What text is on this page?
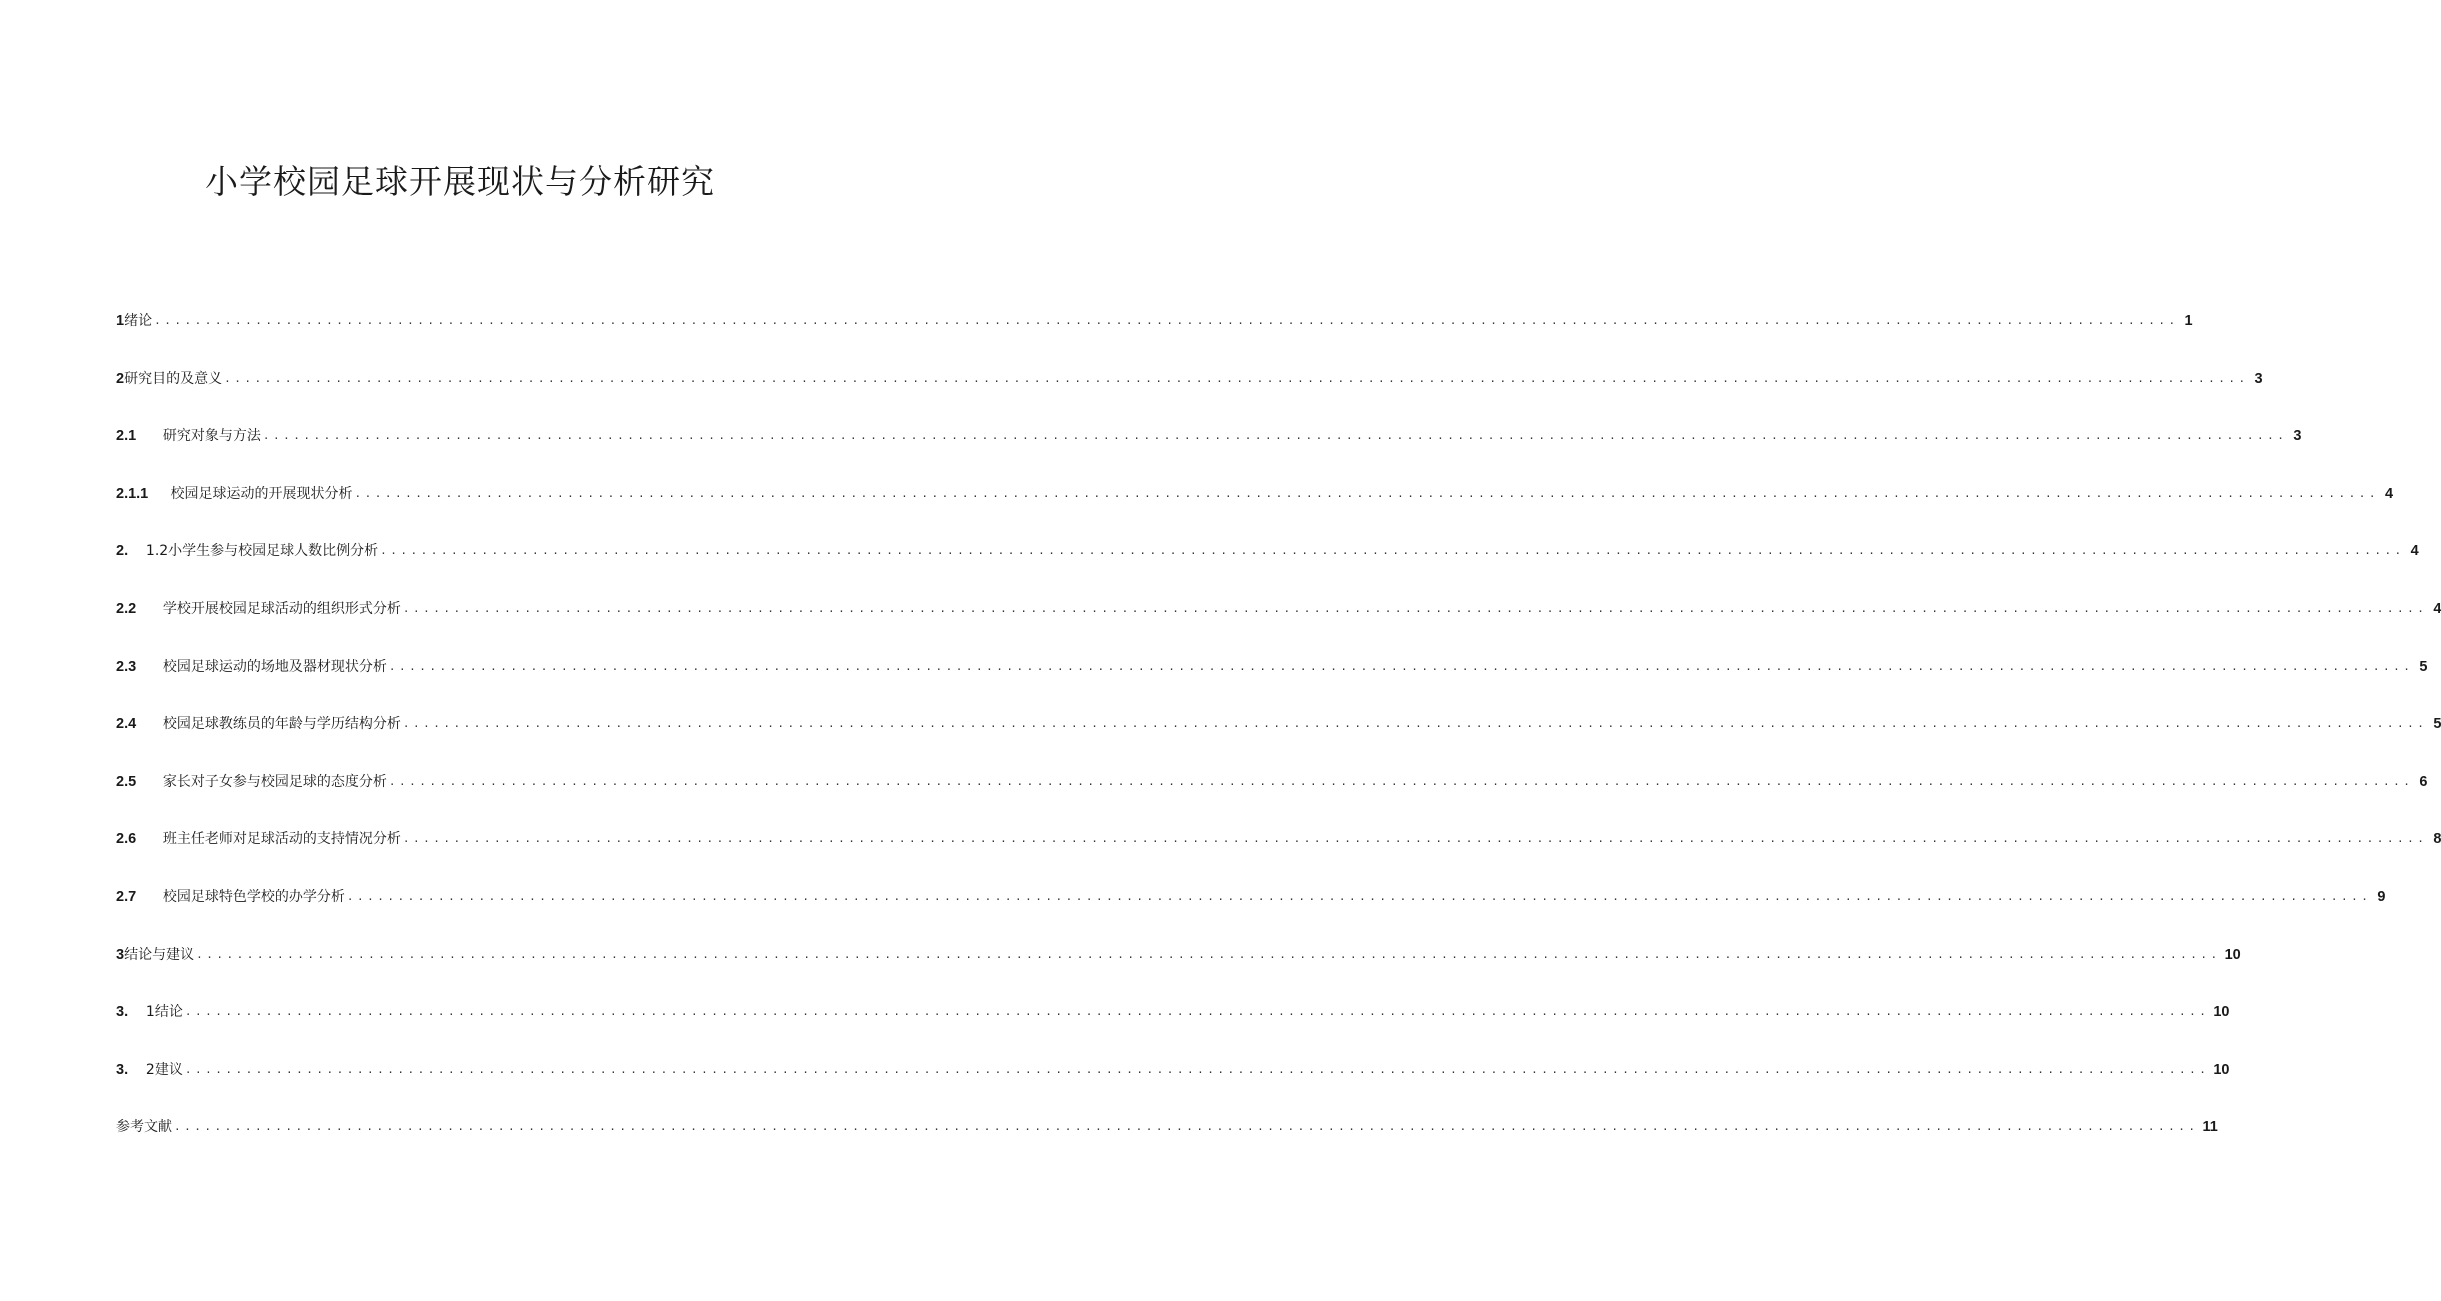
小学校园足球开展现状与分析研究
1 绪论 ........................................................................................................................................................................................................ 1
2 研究目的及意义 ........................................................................................................................................................................................................ 3
2.1
研究对象与方法 ........................................................................................................................................................................................................ 3
2.1.1
校园足球运动的开展现状分析 ........................................................................................................................................................................................................ 4
2.
1.2小学生参与校园足球人数比例分析 ........................................................................................................................................................................................................ 4
2.2
学校开展校园足球活动的组织形式分析 ........................................................................................................................................................................................................ 4
2.3
校园足球运动的场地及器材现状分析 ........................................................................................................................................................................................................ 5
2.4
校园足球教练员的年龄与学历结构分析 ........................................................................................................................................................................................................ 5
2.5
家长对子女参与校园足球的态度分析 ........................................................................................................................................................................................................ 6
2.6
班主任老师对足球活动的支持情况分析 ........................................................................................................................................................................................................ 8
2.7
校园足球特色学校的办学分析 ........................................................................................................................................................................................................ 9
3 结论与建议 ........................................................................................................................................................................................................ 10
3.
1结论 ........................................................................................................................................................................................................ 10
3.
2建议 ........................................................................................................................................................................................................ 10
参考文献 ........................................................................................................................................................................................................ 11
